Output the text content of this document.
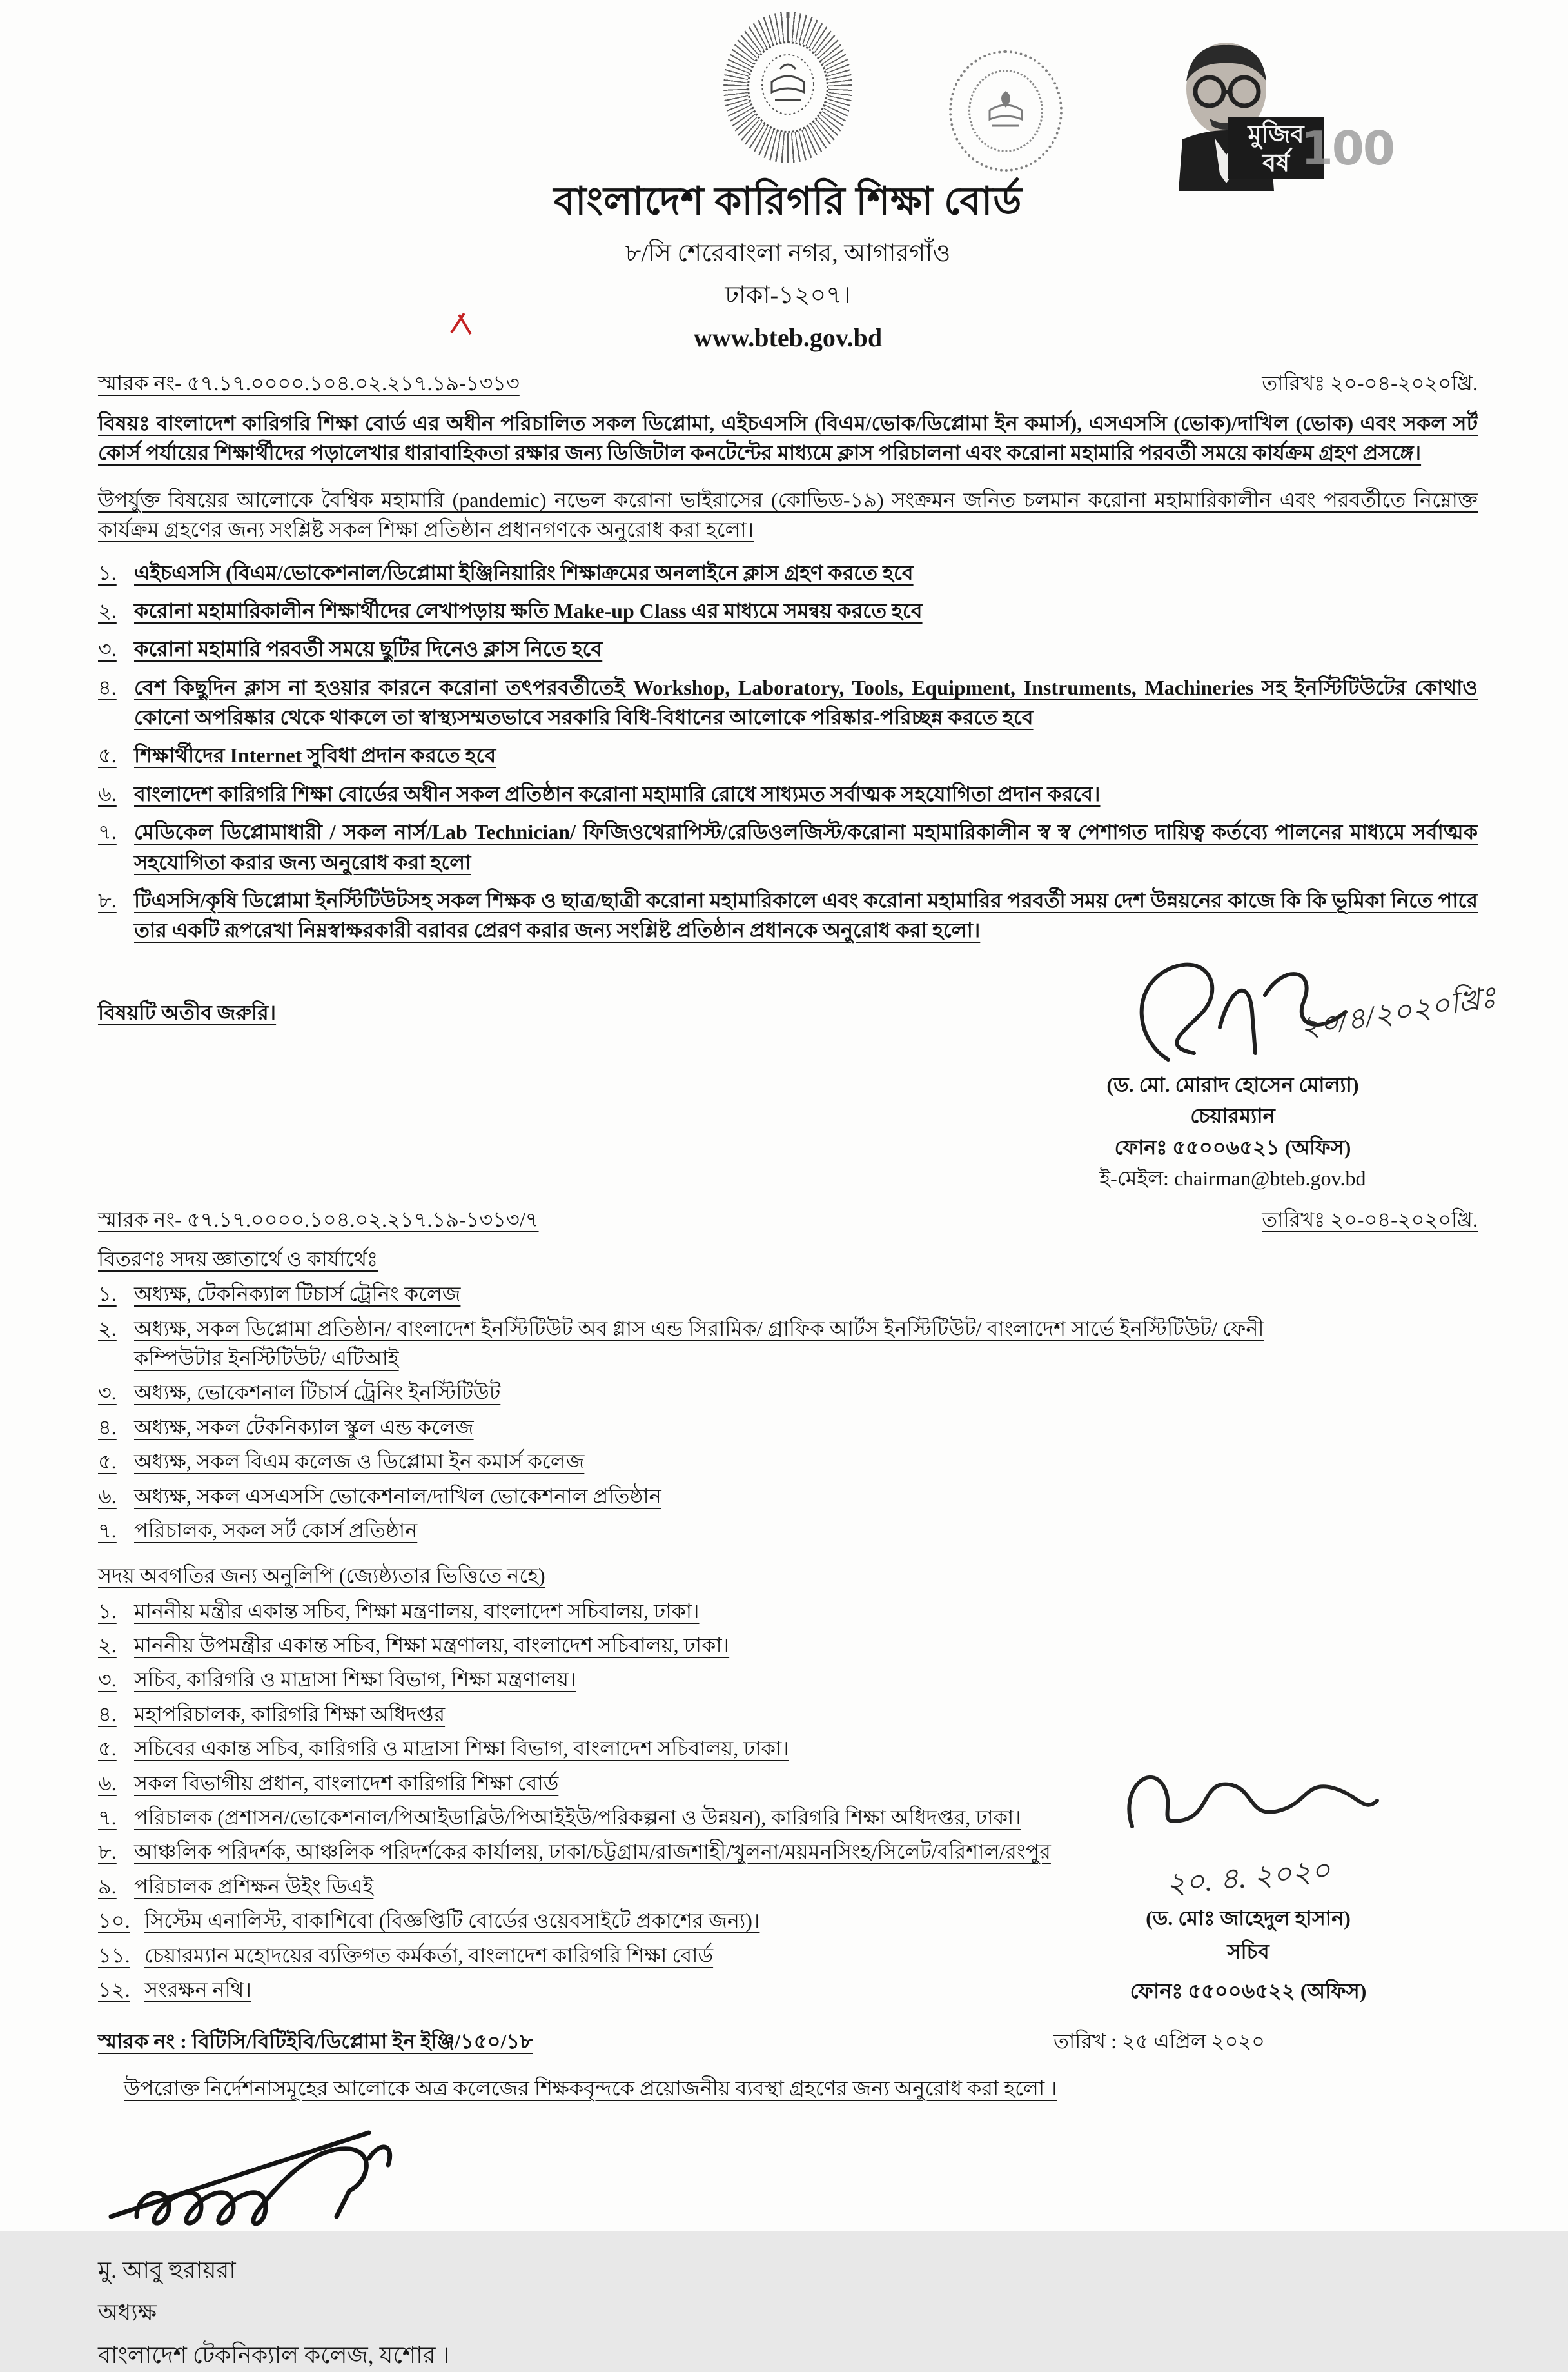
বাংলাদেশ কারিগরি শিক্ষা বোর্ড
৮/সি শেরেবাংলা নগর, আগারগাঁও
ঢাকা-১২০৭।
www.bteb.gov.bd
মুজিব
বর্ষ 100
স্মারক নং- ৫৭.১৭.০০০০.১০৪.০২.২১৭.১৯-১৩১৩	তারিখঃ ২০-০৪-২০২০খ্রি.
বিষয়ঃ বাংলাদেশ কারিগরি শিক্ষা বোর্ড এর অধীন পরিচালিত সকল ডিপ্লোমা, এইচএসসি (বিএম/ভোক/ডিপ্লোমা ইন কমার্স), এসএসসি (ভোক)/দাখিল (ভোক) এবং সকল সর্ট কোর্স পর্যায়ের শিক্ষার্থীদের পড়ালেখার ধারাবাহিকতা রক্ষার জন্য ডিজিটাল কনটেন্টের মাধ্যমে ক্লাস পরিচালনা এবং করোনা মহামারি পরবর্তী সময়ে কার্যক্রম গ্রহণ প্রসঙ্গে।
উপর্যুক্ত বিষয়ের আলোকে বৈশ্বিক মহামারি (pandemic) নভেল করোনা ভাইরাসের (কোভিড-১৯) সংক্রমন জনিত চলমান করোনা মহামারিকালীন এবং পরবর্তীতে নিম্নোক্ত কার্যক্রম গ্রহণের জন্য সংশ্লিষ্ট সকল শিক্ষা প্রতিষ্ঠান প্রধানগণকে অনুরোধ করা হলো।
১. এইচএসসি (বিএম/ভোকেশনাল/ডিপ্লোমা ইঞ্জিনিয়ারিং শিক্ষাক্রমের অনলাইনে ক্লাস গ্রহণ করতে হবে
২. করোনা মহামারিকালীন শিক্ষার্থীদের লেখাপড়ায় ক্ষতি Make-up Class এর মাধ্যমে সমন্বয় করতে হবে
৩. করোনা মহামারি পরবর্তী সময়ে ছুটির দিনেও ক্লাস নিতে হবে
৪. বেশ কিছুদিন ক্লাস না হওয়ার কারনে করোনা তৎপরবর্তীতেই Workshop, Laboratory, Tools, Equipment, Instruments, Machineries সহ ইনস্টিটিউটের কোথাও কোনো অপরিষ্কার থেকে থাকলে তা স্বাস্থ্যসম্মতভাবে সরকারি বিধি-বিধানের আলোকে পরিষ্কার-পরিচ্ছন্ন করতে হবে
৫. শিক্ষার্থীদের Internet সুবিধা প্রদান করতে হবে
৬. বাংলাদেশ কারিগরি শিক্ষা বোর্ডের অধীন সকল প্রতিষ্ঠান করোনা মহামারি রোধে সাধ্যমত সর্বাত্মক সহযোগিতা প্রদান করবে।
৭. মেডিকেল ডিপ্লোমাধারী / সকল নার্স/Lab Technician/ ফিজিওথেরাপিস্ট/রেডিওলজিস্ট/করোনা মহামারিকালীন স্ব স্ব পেশাগত দায়িত্ব কর্তব্যে পালনের মাধ্যমে সর্বাত্মক সহযোগিতা করার জন্য অনুরোধ করা হলো
৮. টিএসসি/কৃষি ডিপ্লোমা ইনস্টিটিউটসহ সকল শিক্ষক ও ছাত্র/ছাত্রী করোনা মহামারিকালে এবং করোনা মহামারির পরবর্তী সময় দেশ উন্নয়নের কাজে কি কি ভূমিকা নিতে পারে তার একটি রূপরেখা নিম্নস্বাক্ষরকারী বরাবর প্রেরণ করার জন্য সংশ্লিষ্ট প্রতিষ্ঠান প্রধানকে অনুরোধ করা হলো।
বিষয়টি অতীব জরুরি।	২০/৪/২০২০খ্রিঃ
(ড. মো. মোরাদ হোসেন মোল্যা)
চেয়ারম্যান
ফোনঃ ৫৫০০৬৫২১ (অফিস)
ই-মেইল: chairman@bteb.gov.bd
স্মারক নং- ৫৭.১৭.০০০০.১০৪.০২.২১৭.১৯-১৩১৩/৭	তারিখঃ ২০-০৪-২০২০খ্রি.
বিতরণঃ সদয় জ্ঞাতার্থে ও কার্যার্থেঃ
১. অধ্যক্ষ, টেকনিক্যাল টিচার্স ট্রেনিং কলেজ
২. অধ্যক্ষ, সকল ডিপ্লোমা প্রতিষ্ঠান/ বাংলাদেশ ইনস্টিটিউট অব গ্লাস এন্ড সিরামিক/ গ্রাফিক আর্টস ইনস্টিটিউট/ বাংলাদেশ সার্ভে ইনস্টিটিউট/ ফেনী কম্পিউটার ইনস্টিটিউট/ এটিআই
৩. অধ্যক্ষ, ভোকেশনাল টিচার্স ট্রেনিং ইনস্টিটিউট
৪. অধ্যক্ষ, সকল টেকনিক্যাল স্কুল এন্ড কলেজ
৫. অধ্যক্ষ, সকল বিএম কলেজ ও ডিপ্লোমা ইন কমার্স কলেজ
৬. অধ্যক্ষ, সকল এসএসসি ভোকেশনাল/দাখিল ভোকেশনাল প্রতিষ্ঠান
৭. পরিচালক, সকল সর্ট কোর্স প্রতিষ্ঠান
সদয় অবগতির জন্য অনুলিপি (জ্যেষ্ঠ্যতার ভিত্তিতে নহে)
১. মাননীয় মন্ত্রীর একান্ত সচিব, শিক্ষা মন্ত্রণালয়, বাংলাদেশ সচিবালয়, ঢাকা।
২. মাননীয় উপমন্ত্রীর একান্ত সচিব, শিক্ষা মন্ত্রণালয়, বাংলাদেশ সচিবালয়, ঢাকা।
৩. সচিব, কারিগরি ও মাদ্রাসা শিক্ষা বিভাগ, শিক্ষা মন্ত্রণালয়।
৪. মহাপরিচালক, কারিগরি শিক্ষা অধিদপ্তর
৫. সচিবের একান্ত সচিব, কারিগরি ও মাদ্রাসা শিক্ষা বিভাগ, বাংলাদেশ সচিবালয়, ঢাকা।
৬. সকল বিভাগীয় প্রধান, বাংলাদেশ কারিগরি শিক্ষা বোর্ড
৭. পরিচালক (প্রশাসন/ভোকেশনাল/পিআইডাব্লিউ/পিআইইউ/পরিকল্পনা ও উন্নয়ন), কারিগরি শিক্ষা অধিদপ্তর, ঢাকা।
৮. আঞ্চলিক পরিদর্শক, আঞ্চলিক পরিদর্শকের কার্যালয়, ঢাকা/চট্টগ্রাম/রাজশাহী/খুলনা/ময়মনসিংহ/সিলেট/বরিশাল/রংপুর
৯. পরিচালক প্রশিক্ষন উইং ডিএই
১০. সিস্টেম এনালিস্ট, বাকাশিবো (বিজ্ঞপ্তিটি বোর্ডের ওয়েবসাইটে প্রকাশের জন্য)।
১১. চেয়ারম্যান মহোদয়ের ব্যক্তিগত কর্মকর্তা, বাংলাদেশ কারিগরি শিক্ষা বোর্ড
১২. সংরক্ষন নথি।
২০. ৪. ২০২০
(ড. মোঃ জাহেদুল হাসান)
সচিব
ফোনঃ ৫৫০০৬৫২২ (অফিস)
স্মারক নং : বিটিসি/বিটিইবি/ডিপ্লোমা ইন ইঞ্জি/১৫০/১৮	তারিখ : ২৫ এপ্রিল ২০২০
উপরোক্ত নির্দেশনাসমূহের আলোকে অত্র কলেজের শিক্ষকবৃন্দকে প্রয়োজনীয় ব্যবস্থা গ্রহণের জন্য অনুরোধ করা হলো ।
মু. আবু হুরায়রা
অধ্যক্ষ
বাংলাদেশ টেকনিক্যাল কলেজ, যশোর ।
